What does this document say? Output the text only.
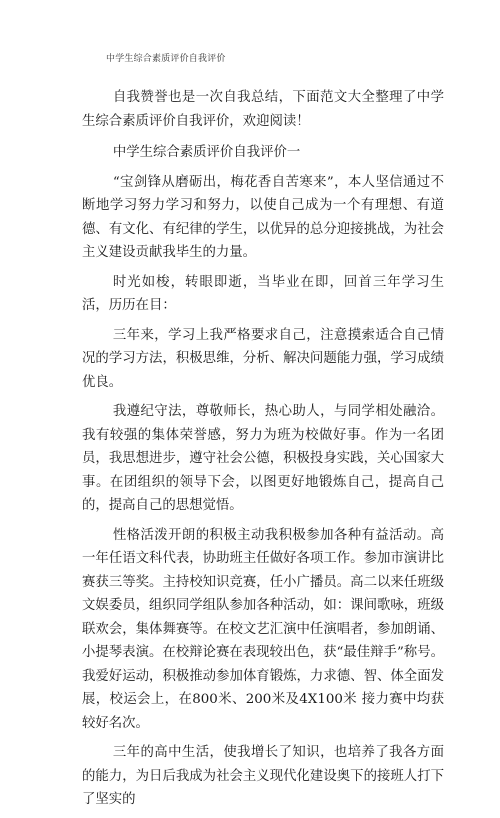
中学生综合素质评价自我评价

自我赞誉也是一次自我总结，下面范文大全整理了中学生综合素质评价自我评价，欢迎阅读！

中学生综合素质评价自我评价一

“宝剑锋从磨砺出，梅花香自苦寒来”，本人坚信通过不断地学习努力学习和努力，以使自己成为一个有理想、有道德、有文化、有纪律的学生，以优异的总分迎接挑战，为社会主义建设贡献我毕生的力量。

时光如梭，转眼即逝，当毕业在即，回首三年学习生活，历历在目：

三年来，学习上我严格要求自己，注意摸索适合自己情况的学习方法，积极思维，分析、解决问题能力强，学习成绩优良。

我遵纪守法，尊敬师长，热心助人，与同学相处融洽。我有较强的集体荣誉感，努力为班为校做好事。作为一名团员，我思想进步，遵守社会公德，积极投身实践，关心国家大事。在团组织的领导下会，以图更好地锻炼自己，提高自己的，提高自己的思想觉悟。

性格活泼开朗的积极主动我积极参加各种有益活动。高一年任语文科代表，协助班主任做好各项工作。参加市演讲比赛获三等奖。主持校知识竞赛，任小广播员。高二以来任班级文娱委员，组织同学组队参加各种活动，如：课间歌咏，班级联欢会，集体舞赛等。在校文艺汇演中任演唱者，参加朗诵、小提琴表演。在校辩论赛在表现较出色，获“最佳辩手”称号。我爱好运动，积极推动参加体育锻炼，力求德、智、体全面发展，校运会上，在800米、200米及4X100米 接力赛中均获较好名次。

三年的高中生活，使我增长了知识，也培养了我各方面的能力，为日后我成为社会主义现代化建设奥下的接班人打下了坚实的
